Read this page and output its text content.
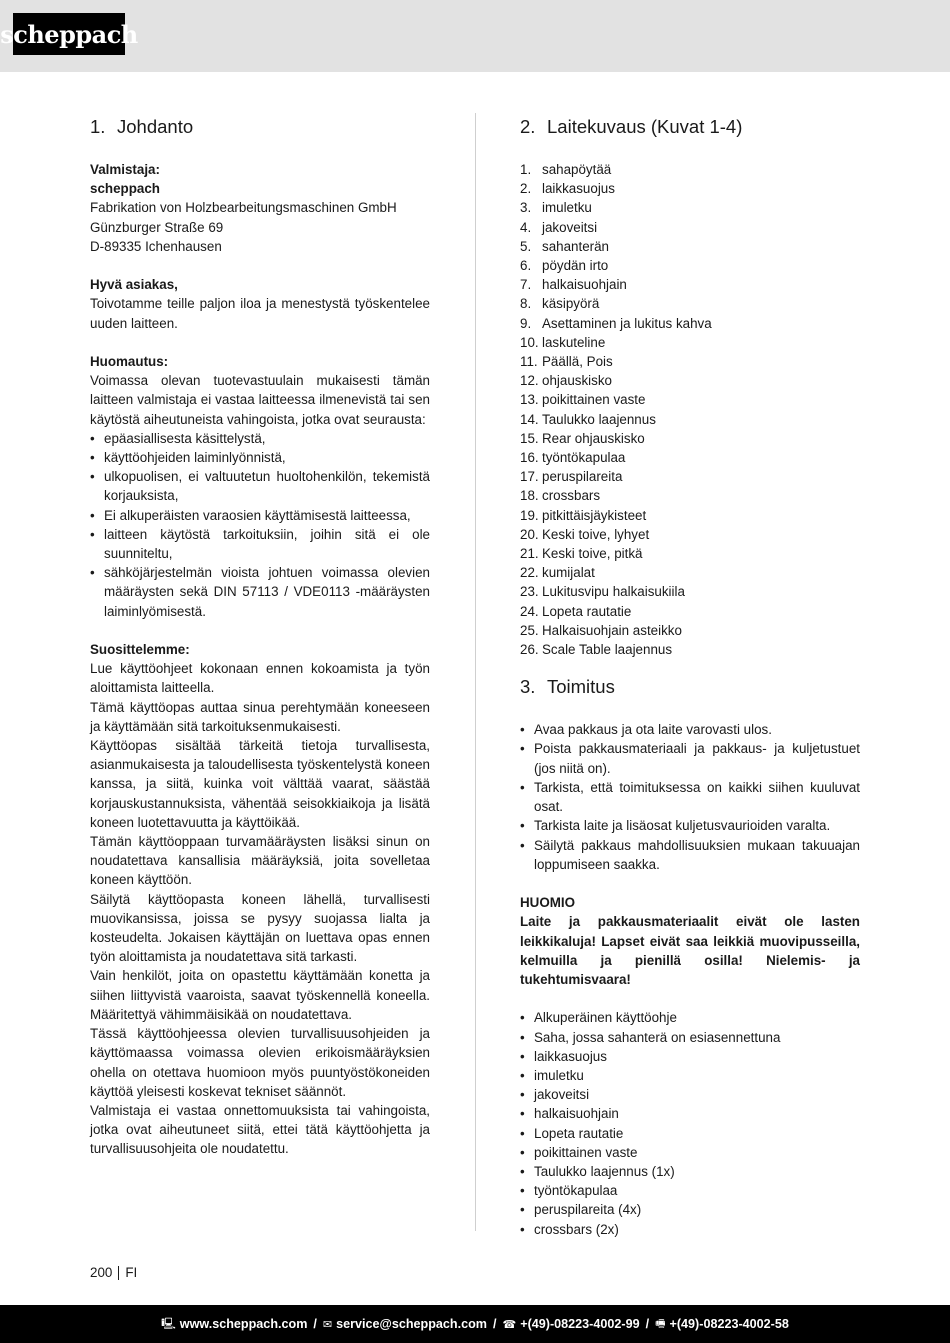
scheppach
1. Johdanto

Valmistaja:

scheppach

Fabrikation von Holzbearbeitungsmaschinen GmbH

Günzburger Straße 69

D-89335 Ichenhausen

Hyvä asiakas,

Toivotamme teille paljon iloa ja menestystä työskentelee uuden laitteen.

Huomautus:

Voimassa olevan tuotevastuulain mukaisesti tämän laitteen valmistaja ei vastaa laitteessa ilmenevistä tai sen käytöstä aiheutuneista vahingoista, jotka ovat seurausta:

• epäasiallisesta käsittelystä,
• käyttöohjeiden laiminlyönnistä,
• ulkopuolisen, ei valtuutetun huoltohenkilön, tekemistä korjauksista,
• Ei alkuperäisten varaosien käyttämisestä laitteessa,
• laitteen käytöstä tarkoituksiin, joihin sitä ei ole suunniteltu,
• sähköjärjestelmän vioista johtuen voimassa olevien määräysten sekä DIN 57113 / VDE0113 -määräysten laiminlyömisestä.

Suosittelemme:

Lue käyttöohjeet kokonaan ennen kokoamista ja työn aloittamista laitteella.

Tämä käyttöopas auttaa sinua perehtymään koneeseen ja käyttämään sitä tarkoituksenmukaisesti.

Käyttöopas sisältää tärkeitä tietoja turvallisesta, asianmukaisesta ja taloudellisesta työskentelystä koneen kanssa, ja siitä, kuinka voit välttää vaarat, säästää korjauskustannuksista, vähentää seisokkiaikoja ja lisätä koneen luotettavuutta ja käyttöikää.

Tämän käyttöoppaan turvamääräysten lisäksi sinun on noudatettava kansallisia määräyksiä, joita sovelletaa koneen käyttöön.

Säilytä käyttöopasta koneen lähellä, turvallisesti muovikansissa, joissa se pysyy suojassa lialta ja kosteudelta. Jokaisen käyttäjän on luettava opas ennen työn aloittamista ja noudatettava sitä tarkasti.

Vain henkilöt, joita on opastettu käyttämään konetta ja siihen liittyvistä vaaroista, saavat työskennellä koneella. Määritettyä vähimmäisikää on noudatettava.

Tässä käyttöohjeessa olevien turvallisuusohjeiden ja käyttömaassa voimassa olevien erikoismääräyksien ohella on otettava huomioon myös puuntyöstökoneiden käyttöä yleisesti koskevat tekniset säännöt.

Valmistaja ei vastaa onnettomuuksista tai vahingoista, jotka ovat aiheutuneet siitä, ettei tätä käyttöohjetta ja turvallisuusohjeita ole noudatettu.

2. Laitekuvaus (Kuvat 1-4)
1. sahapöytää
2. laikkasuojus
3. imuletku
4. jakoveitsi
5. sahanterän
6. pöydän irto
7. halkaisuohjain
8. käsipyörä
9. Asettaminen ja lukitus kahva
10. laskuteline
11. Päällä, Pois
12. ohjauskisko
13. poikittainen vaste
14. Taulukko laajennus
15. Rear ohjauskisko
16. työntökapulaa
17. peruspilareita
18. crossbars
19. pitkittäisjäykisteet
20. Keski toive, lyhyet
21. Keski toive, pitkä
22. kumijalat
23. Lukitusvipu halkaisukiila
24. Lopeta rautatie
25. Halkaisuohjain asteikko
26. Scale Table laajennus
3. Toimitus
• Avaa pakkaus ja ota laite varovasti ulos.
• Poista pakkausmateriaali ja pakkaus- ja kuljetustuet (jos niitä on).
• Tarkista, että toimituksessa on kaikki siihen kuuluvat osat.
• Tarkista laite ja lisäosat kuljetusvaurioiden varalta.
• Säilytä pakkaus mahdollisuuksien mukaan takuuajan loppumiseen saakka.

HUOMIO

Laite ja pakkausmateriaalit eivät ole lasten leikkikaluja! Lapset eivät saa leikkiä muovipusseilla, kelmuilla ja pienillä osilla! Nielemis- ja tukehtumisvaara!

• Alkuperäinen käyttöohje
• Saha, jossa sahanterä on esiasennettuna
• laikkasuojus
• imuletku
• jakoveitsi
• halkaisuohjain
• Lopeta rautatie
• poikittainen vaste
• Taulukko laajennus (1x)
• työntökapulaa
• peruspilareita (4x)
• crossbars (2x)
200 FI
🖳 www.scheppach.com / ✉ service@scheppach.com / ☎ +(49)-08223-4002-99 / 🖷 +(49)-08223-4002-58
